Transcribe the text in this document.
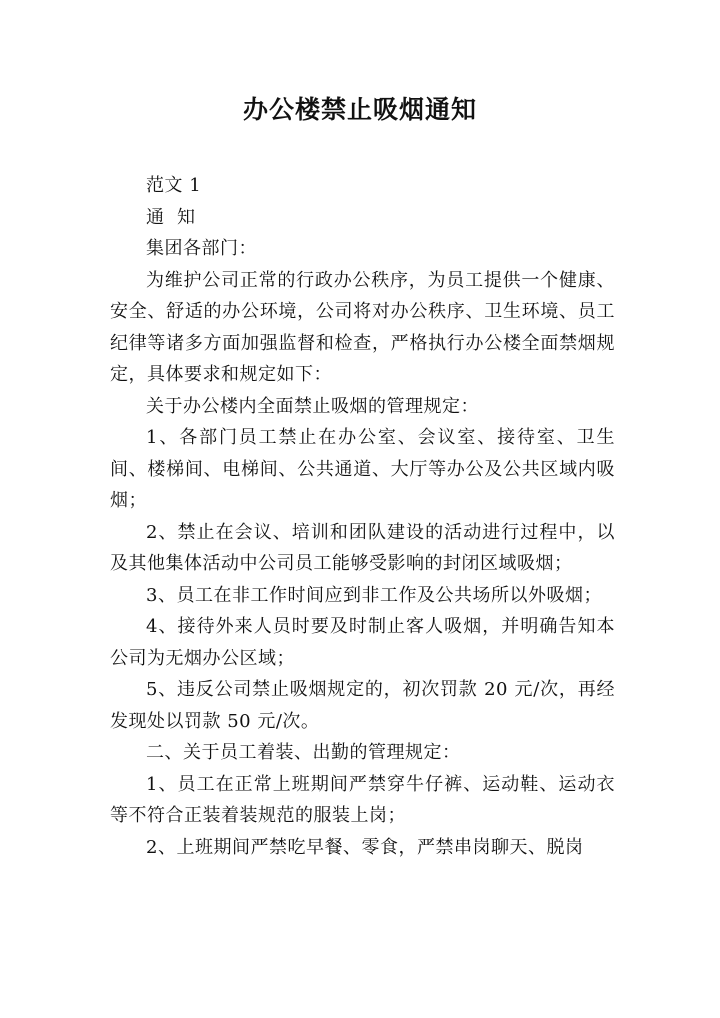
办公楼禁止吸烟通知

范文 1

通  知

集团各部门：

为维护公司正常的行政办公秩序，为员工提供一个健康、安全、舒适的办公环境，公司将对办公秩序、卫生环境、员工纪律等诸多方面加强监督和检查，严格执行办公楼全面禁烟规定，具体要求和规定如下：

关于办公楼内全面禁止吸烟的管理规定：

1、各部门员工禁止在办公室、会议室、接待室、卫生间、楼梯间、电梯间、公共通道、大厅等办公及公共区域内吸烟；

2、禁止在会议、培训和团队建设的活动进行过程中，以及其他集体活动中公司员工能够受影响的封闭区域吸烟；

3、员工在非工作时间应到非工作及公共场所以外吸烟；

4、接待外来人员时要及时制止客人吸烟，并明确告知本公司为无烟办公区域；

5、违反公司禁止吸烟规定的，初次罚款 20 元/次，再经发现处以罚款 50 元/次。

二、关于员工着装、出勤的管理规定：

1、员工在正常上班期间严禁穿牛仔裤、运动鞋、运动衣等不符合正装着装规范的服装上岗；

2、上班期间严禁吃早餐、零食，严禁串岗聊天、脱岗
